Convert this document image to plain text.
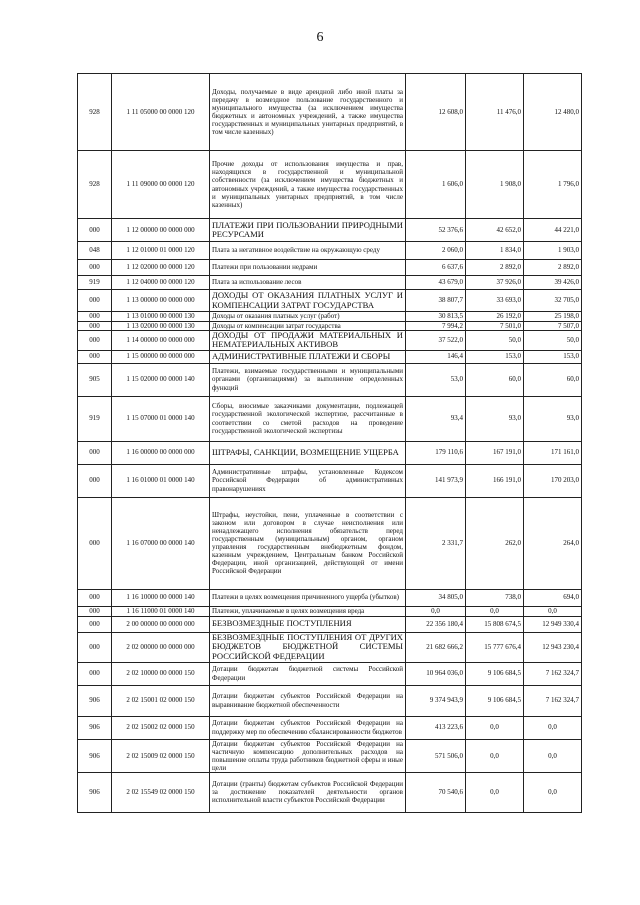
6
928	1 11 05000 00 0000 120	Доходы, получаемые в виде арендной либо иной платы за передачу в возмездное пользование государственного и муниципального имущества (за исключением имущества бюджетных и автономных учреждений, а также имущества государственных и муниципальных унитарных предприятий, в том числе казенных)	12 608,0	11 476,0	12 480,0
928	1 11 09000 00 0000 120	Прочие доходы от использования имущества и прав, находящихся в государственной и муниципальной собственности (за исключением имущества бюджетных и автономных учреждений, а также имущества государственных и муниципальных унитарных предприятий, в том числе казенных)	1 606,0	1 908,0	1 796,0
000	1 12 00000 00 0000 000	ПЛАТЕЖИ ПРИ ПОЛЬЗОВАНИИ ПРИРОДНЫМИ РЕСУРСАМИ	52 376,6	42 652,0	44 221,0
048	1 12 01000 01 0000 120	Плата за негативное воздействие на окружающую среду	2 060,0	1 834,0	1 903,0
000	1 12 02000 00 0000 120	Платежи при пользовании недрами	6 637,6	2 892,0	2 892,0
919	1 12 04000 00 0000 120	Плата за использование лесов	43 679,0	37 926,0	39 426,0
000	1 13 00000 00 0000 000	ДОХОДЫ ОТ ОКАЗАНИЯ ПЛАТНЫХ УСЛУГ И КОМПЕНСАЦИИ ЗАТРАТ ГОСУДАРСТВА	38 807,7	33 693,0	32 705,0
000	1 13 01000 00 0000 130	Доходы от оказания платных услуг (работ)	30 813,5	26 192,0	25 198,0
000	1 13 02000 00 0000 130	Доходы от компенсации затрат государства	7 994,2	7 501,0	7 507,0
000	1 14 00000 00 0000 000	ДОХОДЫ ОТ ПРОДАЖИ МАТЕРИАЛЬНЫХ И НЕМАТЕРИАЛЬНЫХ АКТИВОВ	37 522,0	50,0	50,0
000	1 15 00000 00 0000 000	АДМИНИСТРАТИВНЫЕ ПЛАТЕЖИ И СБОРЫ	146,4	153,0	153,0
905	1 15 02000 00 0000 140	Платежи, взимаемые государственными и муниципальными органами (организациями) за выполнение определенных функций	53,0	60,0	60,0
919	1 15 07000 01 0000 140	Сборы, вносимые заказчиками документации, подлежащей государственной экологической экспертизе, рассчитанные в соответствии со сметой расходов на проведение государственной экологической экспертизы	93,4	93,0	93,0
000	1 16 00000 00 0000 000	ШТРАФЫ, САНКЦИИ, ВОЗМЕЩЕНИЕ УЩЕРБА	179 110,6	167 191,0	171 161,0
000	1 16 01000 01 0000 140	Административные штрафы, установленные Кодексом Российской Федерации об административных правонарушениях	141 973,9	166 191,0	170 203,0
000	1 16 07000 00 0000 140	Штрафы, неустойки, пени, уплаченные в соответствии с законом или договором в случае неисполнения или ненадлежащего исполнения обязательств перед государственным (муниципальным) органом, органом управления государственным внебюджетным фондом, казенным учреждением, Центральным банком Российской Федерации, иной организацией, действующей от имени Российской Федерации	2 331,7	262,0	264,0
000	1 16 10000 00 0000 140	Платежи в целях возмещения причиненного ущерба (убытков)	34 805,0	738,0	694,0
000	1 16 11000 01 0000 140	Платежи, уплачиваемые в целях возмещения вреда	0,0	0,0	0,0
000	2 00 00000 00 0000 000	БЕЗВОЗМЕЗДНЫЕ ПОСТУПЛЕНИЯ	22 356 180,4	15 808 674,5	12 949 330,4
000	2 02 00000 00 0000 000	БЕЗВОЗМЕЗДНЫЕ ПОСТУПЛЕНИЯ ОТ ДРУГИХ БЮДЖЕТОВ БЮДЖЕТНОЙ СИСТЕМЫ РОССИЙСКОЙ ФЕДЕРАЦИИ	21 682 666,2	15 777 676,4	12 943 230,4
000	2 02 10000 00 0000 150	Дотации бюджетам бюджетной системы Российской Федерации	10 964 036,0	9 106 684,5	7 162 324,7
906	2 02 15001 02 0000 150	Дотации бюджетам субъектов Российской Федерации на выравнивание бюджетной обеспеченности	9 374 943,9	9 106 684,5	7 162 324,7
906	2 02 15002 02 0000 150	Дотации бюджетам субъектов Российской Федерации на поддержку мер по обеспечению сбалансированности бюджетов	413 223,6	0,0	0,0
906	2 02 15009 02 0000 150	Дотации бюджетам субъектов Российской Федерации на частичную компенсацию дополнительных расходов на повышение оплаты труда работников бюджетной сферы и иные цели	571 506,0	0,0	0,0
906	2 02 15549 02 0000 150	Дотации (гранты) бюджетам субъектов Российской Федерации за достижение показателей деятельности органов исполнительной власти субъектов Российской Федерации	70 540,6	0,0	0,0
